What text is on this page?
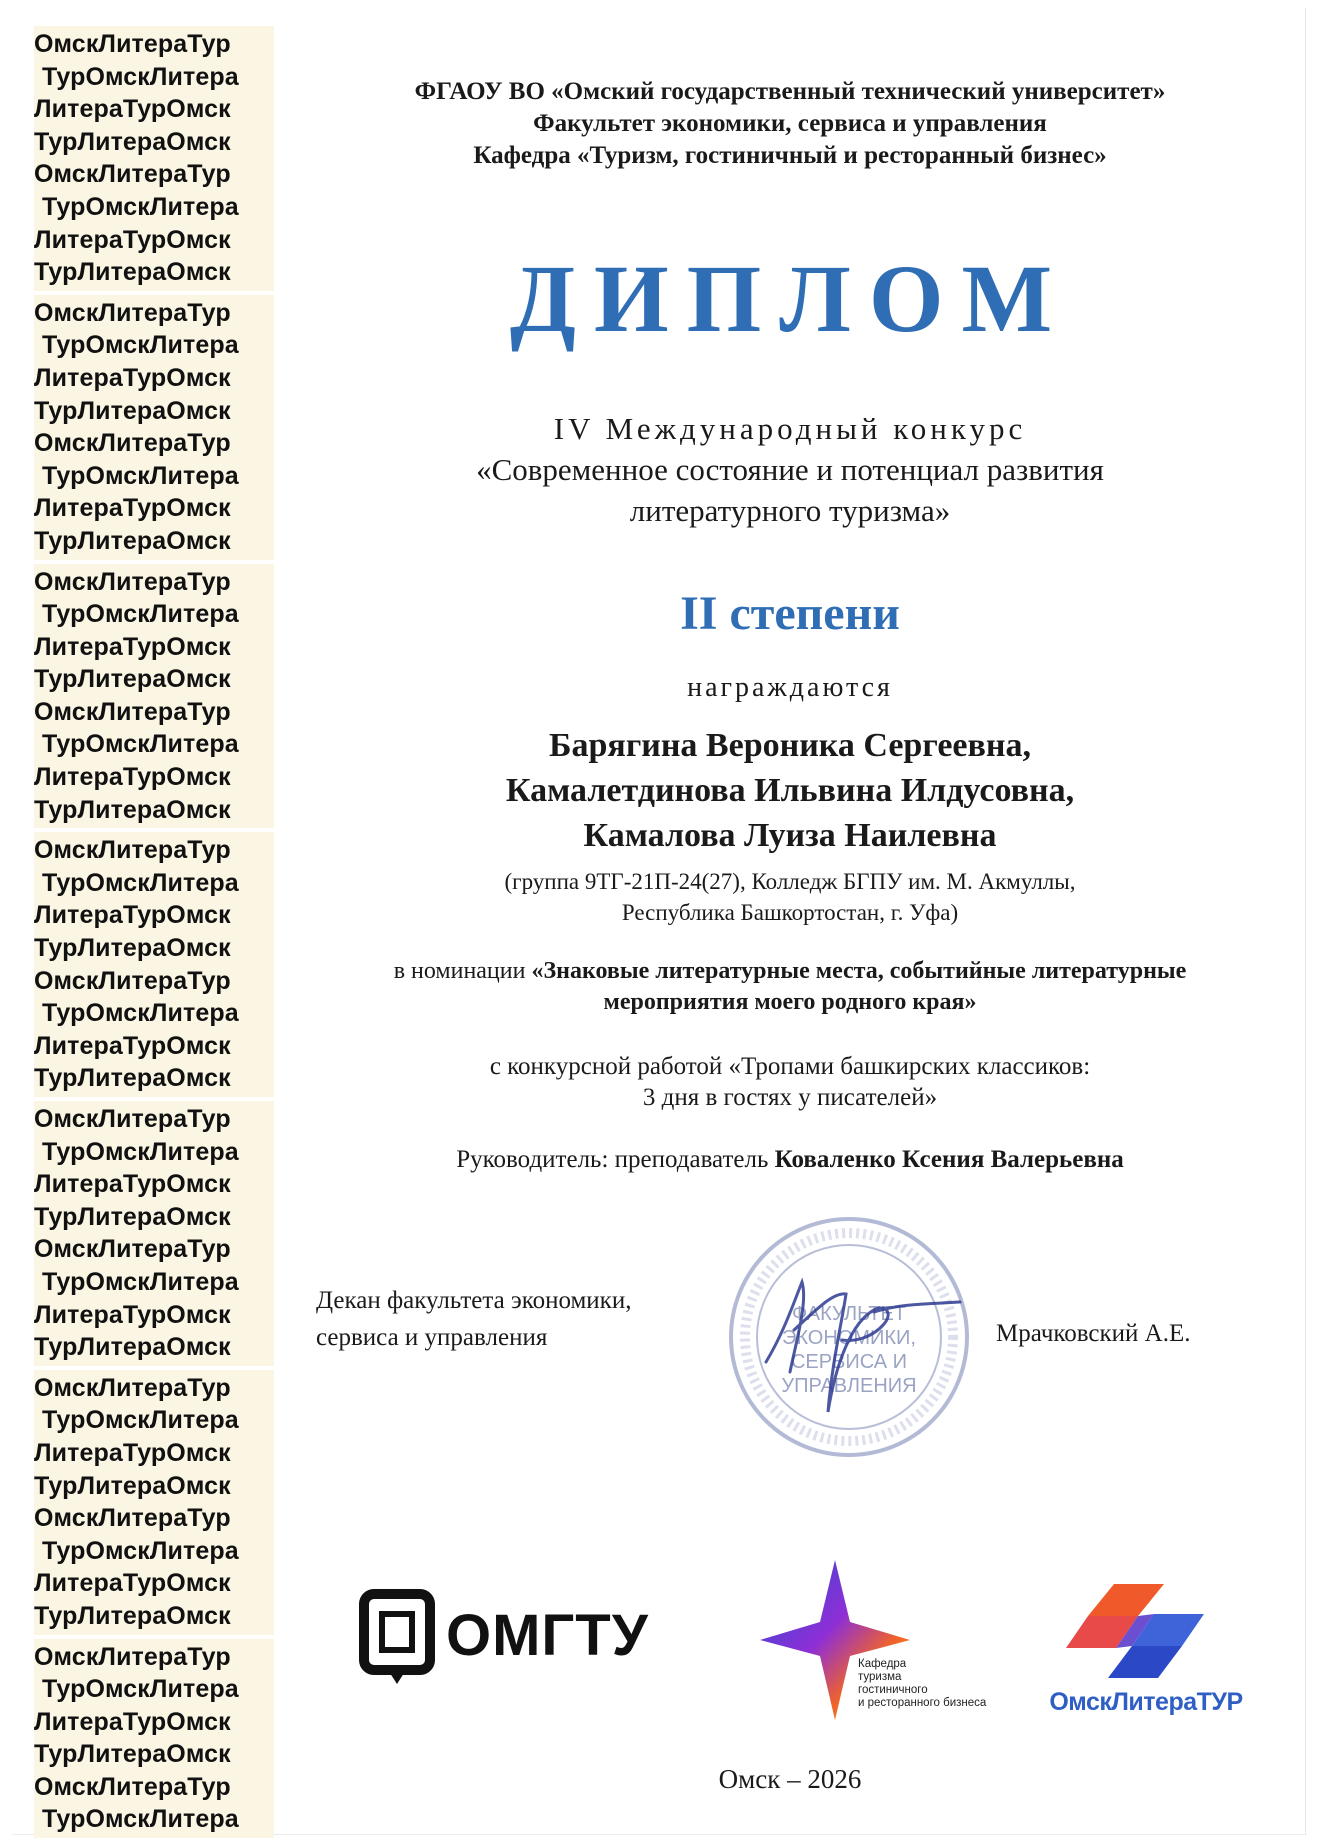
ОмскЛитераТур
ТурОмскЛитера
ЛитераТурОмск
ТурЛитераОмск
ОмскЛитераТур
ТурОмскЛитера
ЛитераТурОмск
ТурЛитераОмск
ОмскЛитераТур
ТурОмскЛитера
ЛитераТурОмск
ТурЛитераОмск
ОмскЛитераТур
ТурОмскЛитера
ЛитераТурОмск
ТурЛитераОмск
ОмскЛитераТур
ТурОмскЛитера
ЛитераТурОмск
ТурЛитераОмск
ОмскЛитераТур
ТурОмскЛитера
ЛитераТурОмск
ТурЛитераОмск
ОмскЛитераТур
ТурОмскЛитера
ЛитераТурОмск
ТурЛитераОмск
ОмскЛитераТур
ТурОмскЛитера
ЛитераТурОмск
ТурЛитераОмск
ОмскЛитераТур
ТурОмскЛитера
ЛитераТурОмск
ТурЛитераОмск
ОмскЛитераТур
ТурОмскЛитера
ЛитераТурОмск
ТурЛитераОмск
ОмскЛитераТур
ТурОмскЛитера
ЛитераТурОмск
ТурЛитераОмск
ОмскЛитераТур
ТурОмскЛитера
ЛитераТурОмск
ТурЛитераОмск
ОмскЛитераТур
ТурОмскЛитера
ЛитераТурОмск
ТурЛитераОмск
ОмскЛитераТур
ТурОмскЛитера
ФГАОУ ВО «Омский государственный технический университет»
Факультет экономики, сервиса и управления
Кафедра «Туризм, гостиничный и ресторанный бизнес»
ДИПЛОМ
IV Международный конкурс
«Современное состояние и потенциал развития
литературного туризма»
II степени
награждаются
Барягина Вероника Сергеевна,
Камалетдинова Ильвина Илдусовна,
Камалова Луиза Наилевна
(группа 9ТГ-21П-24(27), Колледж БГПУ им. М. Акмуллы,
Республика Башкортостан, г. Уфа)
в номинации «Знаковые литературные места, событийные литературные
мероприятия моего родного края»
с конкурсной работой «Тропами башкирских классиков:
3 дня в гостях у писателей»
Руководитель: преподаватель Коваленко Ксения Валерьевна
Омск – 2026
Декан факультета экономики,
сервиса и управления
ФАКУЛЬТЕТ
ЭКОНОМИКИ,
СЕРВИСА И
УПРАВЛЕНИЯ
Мрачковский А.Е.
ОМГТУ	Кафедра
туризма
гостиничного
и ресторанного бизнеса	ОмскЛитераТУР
